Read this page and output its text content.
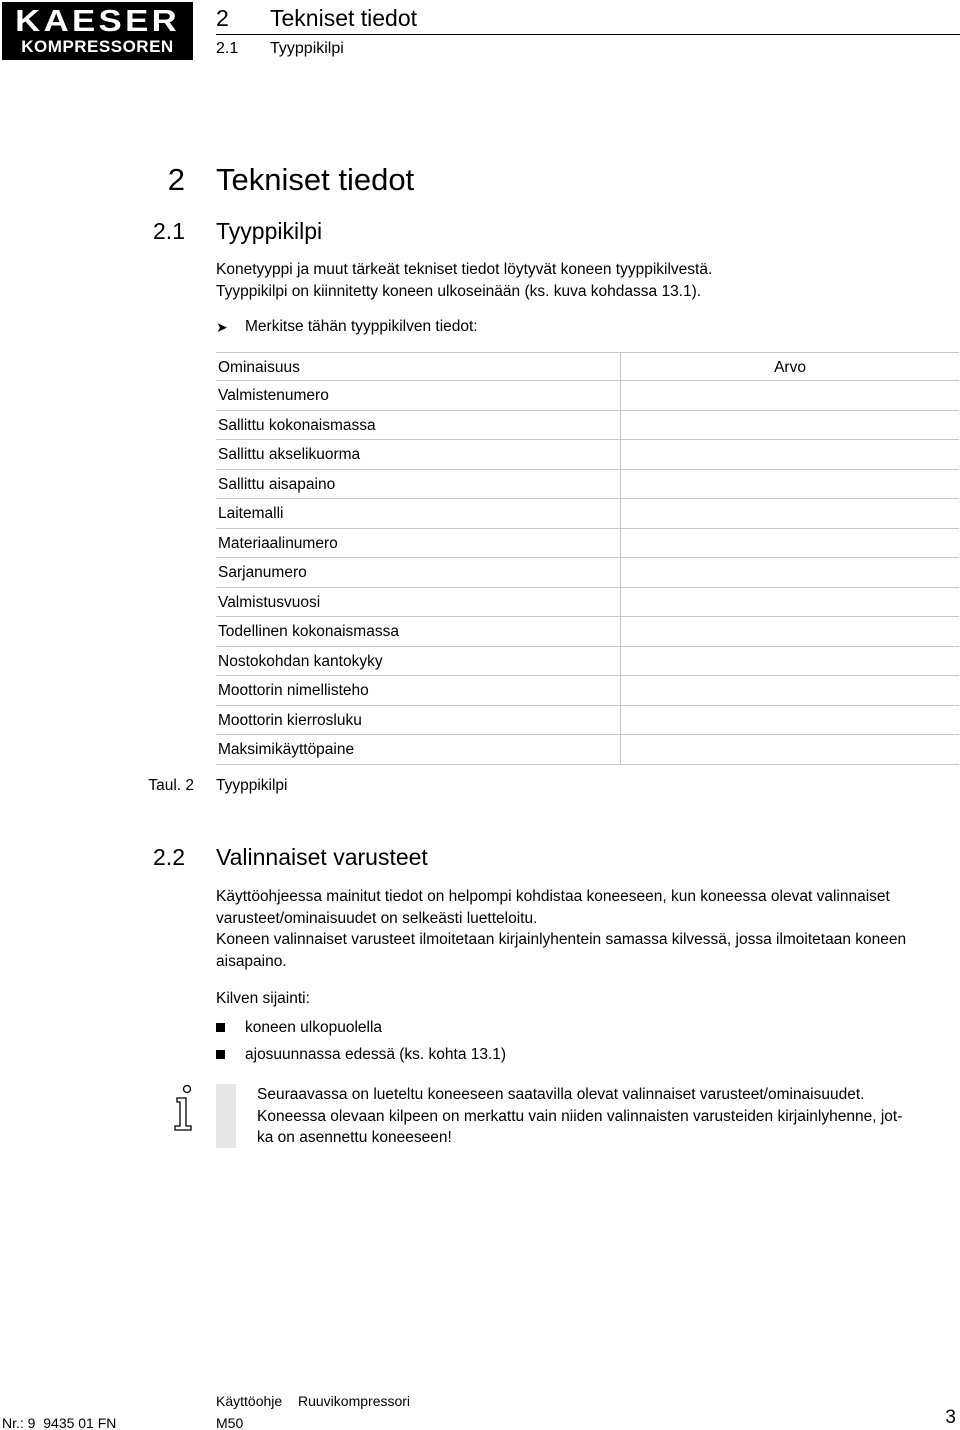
KAESER
KOMPRESSOREN
2 Tekniset tiedot
2.1 Tyyppikilpi
2 Tekniset tiedot
2.1 Tyyppikilpi
Konetyyppi ja muut tärkeät tekniset tiedot löytyvät koneen tyyppikilvestä.
Tyyppikilpi on kiinnitetty koneen ulkoseinään (ks. kuva kohdassa 13.1).
➤ Merkitse tähän tyyppikilven tiedot:
Ominaisuus	Arvo
Valmistenumero
Sallittu kokonaismassa
Sallittu akselikuorma
Sallittu aisapaino
Laitemalli
Materiaalinumero
Sarjanumero
Valmistusvuosi
Todellinen kokonaismassa
Nostokohdan kantokyky
Moottorin nimellisteho
Moottorin kierrosluku
Maksimikäyttöpaine
Taul. 2 Tyyppikilpi
2.2 Valinnaiset varusteet
Käyttöohjeessa mainitut tiedot on helpompi kohdistaa koneeseen, kun koneessa olevat valinnaiset
varusteet/ominaisuudet on selkeästi luetteloitu.
Koneen valinnaiset varusteet ilmoitetaan kirjainlyhentein samassa kilvessä, jossa ilmoitetaan koneen
aisapaino.
Kilven sijainti:
koneen ulkopuolella
ajosuunnassa edessä (ks. kohta 13.1)
Seuraavassa on lueteltu koneeseen saatavilla olevat valinnaiset varusteet/ominaisuudet.
Koneessa olevaan kilpeen on merkattu vain niiden valinnaisten varusteiden kirjainlyhenne, jot-
ka on asennettu koneeseen!
Käyttöohje Ruuvikompressori
Nr.: 9_9435 01 FN	M50	3
